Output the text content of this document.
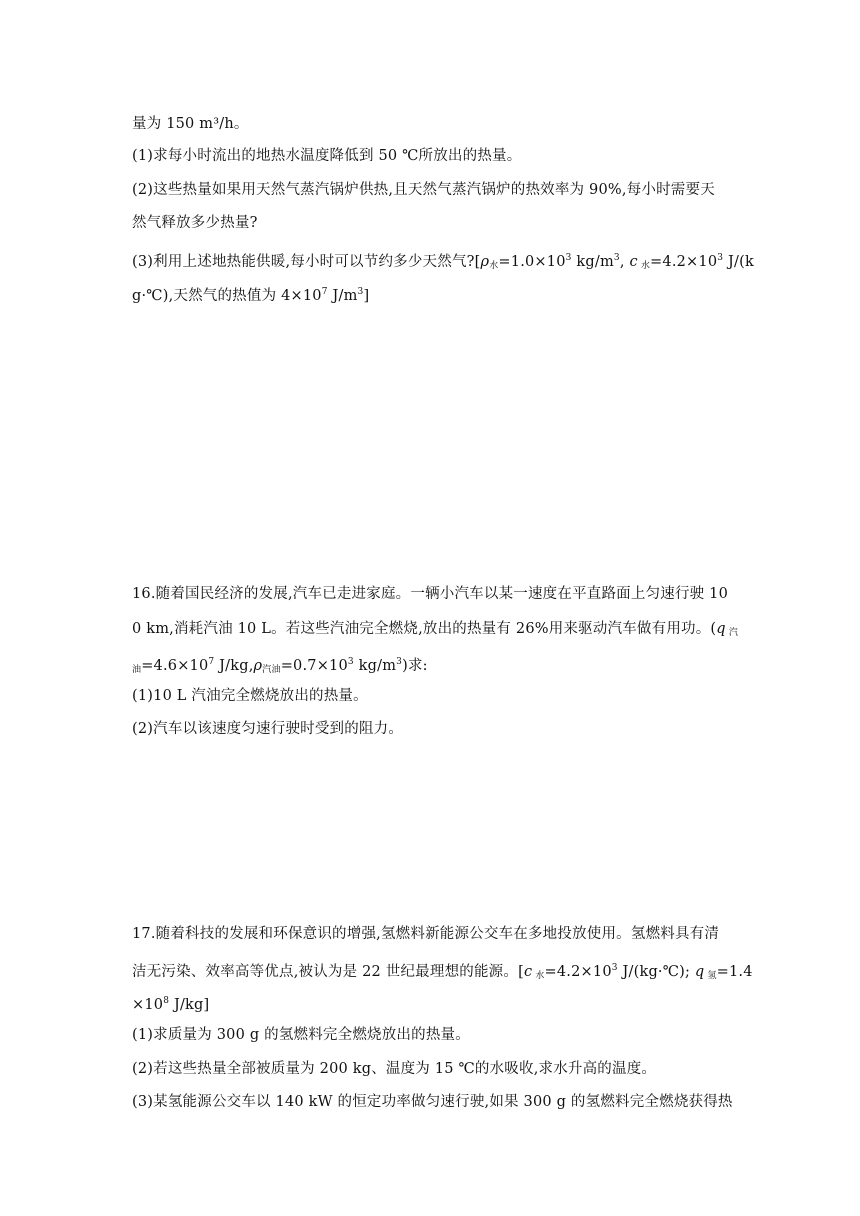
量为 150 m³/h。
(1)求每小时流出的地热水温度降低到 50 ℃所放出的热量。
(2)这些热量如果用天然气蒸汽锅炉供热,且天然气蒸汽锅炉的热效率为 90%,每小时需要天
然气释放多少热量?
(3)利用上述地热能供暖,每小时可以节约多少天然气$?[\rho_水=1.0\times 10^3$ $kg/m^3$, c $_水=4.2\times 10^3$ J/(k
g·℃),天然气的热值为 $4\times 10^7$ $J/m^3$]
16.随着国民经济的发展,汽车已走进家庭。一辆小汽车以某一速度在平直路面上匀速行驶 10
0 km,消耗汽油 10 L。若这些汽油完全燃烧,放出的热量有 26%用来驱动汽车做有用功。(q $_汽$
$_油=4.6\times 10^7$ $J/kg,\rho_{汽油}=0.7\times 10^3$ $kg/m^3$)求:
(1)10 L 汽油完全燃烧放出的热量。
(2)汽车以该速度匀速行驶时受到的阻力。
17.随着科技的发展和环保意识的增强,氢燃料新能源公交车在多地投放使用。氢燃料具有清
洁无污染、效率高等优点,被认为是 22 世纪最理想的能源。[c $_水=4.2\times 10^3$ J/(kg·℃); q $_氢$=1.4
$\times 10^8$ J/kg]
(1)求质量为 300 g 的氢燃料完全燃烧放出的热量。
(2)若这些热量全部被质量为 200 kg、温度为 15 ℃的水吸收,求水升高的温度。
(3)某氢能源公交车以 140 kW 的恒定功率做匀速行驶,如果 300 g 的氢燃料完全燃烧获得热
